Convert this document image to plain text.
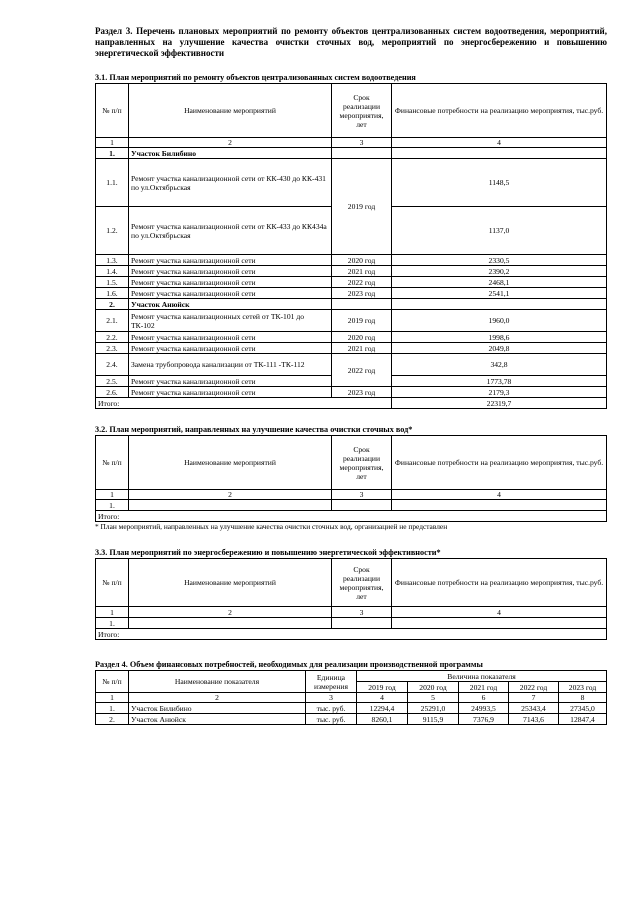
Раздел 3. Перечень плановых мероприятий по ремонту объектов централизованных систем водоотведения, мероприятий, направленных на улучшение качества очистки сточных вод, мероприятий по энергосбережению и повышению энергетической эффективности

3.1. План мероприятий по ремонту объектов централизованных систем водоотведения

№ п/п	Наименование мероприятий	Срок реализации мероприятия, лет	Финансовые потребности на реализацию мероприятия, тыс.руб.
1	2	3	4
1.	Участок Билибино		
1.1.	Ремонт участка канализационной сети от КК-430 до КК-431 по ул.Октябрьская	2019 год	1148,5
1.2.	Ремонт участка канализационной сети от КК-433 до КК434а по ул.Октябрьская		1137,0
1.3.	Ремонт участка канализационной сети	2020 год	2330,5
1.4.	Ремонт участка канализационной сети	2021 год	2390,2
1.5.	Ремонт участка канализационной сети	2022 год	2468,1
1.6.	Ремонт участка канализационной сети	2023 год	2541,1
2.	Участок Анюйск		
2.1.	Ремонт участка канализационных сетей от ТК-101 до ТК-102	2019 год	1960,0
2.2.	Ремонт участка канализационной сети	2020 год	1998,6
2.3.	Ремонт участка канализационной сети	2021 год	2049,8
2.4.	Замена трубопровода канализации от ТК-111 -ТК-112	2022 год	342,8
2.5.	Ремонт участка канализационной сети		1773,78
2.6.	Ремонт участка канализационной сети	2023 год	2179,3
Итого:			22319,7

3.2. План мероприятий, направленных на улучшение качества очистки сточных вод*

№ п/п	Наименование мероприятий	Срок реализации мероприятия, лет	Финансовые потребности на реализацию мероприятия, тыс.руб.
1	2	3	4
1.			
Итого:			
* План мероприятий, направленных на улучшение качества очистки сточных вод, организацией не представлен

3.3. План мероприятий по энергосбережению и повышению энергетической эффективности*

№ п/п	Наименование мероприятий	Срок реализации мероприятия, лет	Финансовые потребности на реализацию мероприятия, тыс.руб.
1	2	3	4
1.			
Итого:			

Раздел 4. Объем финансовых потребностей, необходимых для реализации производственной программы

№ п/п	Наименование показателя	Единица измерения	Величина показателя				
			2019 год	2020 год	2021 год	2022 год	2023 год
1	2	3	4	5	6	7	8
1.	Участок Билибино	тыс. руб.	12294,4	25291,0	24993,5	25343,4	27345,0
2.	Участок Анюйск	тыс. руб.	8260,1	9115,9	7376,9	7143,6	12847,4
